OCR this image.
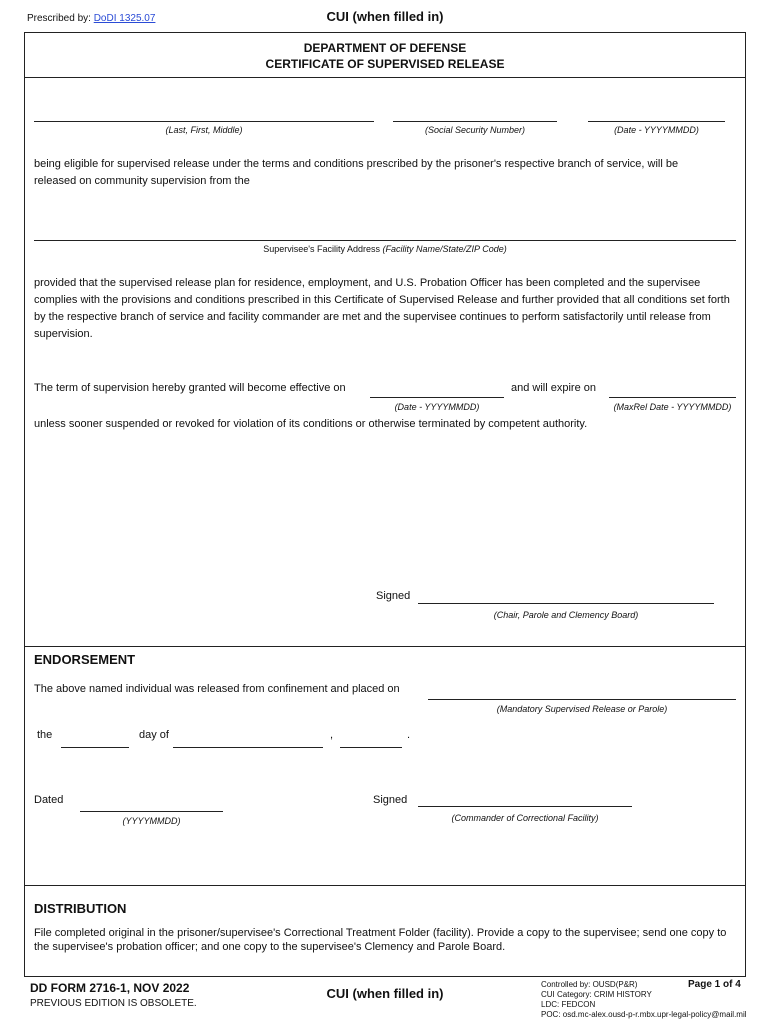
Prescribed by: DoDI 1325.07	CUI (when filled in)
DEPARTMENT OF DEFENSE
CERTIFICATE OF SUPERVISED RELEASE
(Last, First, Middle)	(Social Security Number)	(Date - YYYYMMDD)
being eligible for supervised release under the terms and conditions prescribed by the prisoner's respective branch of service, will be released on community supervision from the
Supervisee's Facility Address (Facility Name/State/ZIP Code)
provided that the supervised release plan for residence, employment, and U.S. Probation Officer has been completed and the supervisee complies with the provisions and conditions prescribed in this Certificate of Supervised Release and further provided that all conditions set forth by the respective branch of service and facility commander are met and the supervisee continues to perform satisfactorily until release from supervision.
The term of supervision hereby granted will become effective on	and will expire on
(Date - YYYYMMDD)	(MaxRel Date - YYYYMMDD)
unless sooner suspended or revoked for violation of its conditions or otherwise terminated by competent authority.
Signed
(Chair, Parole and Clemency Board)
ENDORSEMENT
The above named individual was released from confinement and placed on
(Mandatory Supervised Release or Parole)
the	day of	,	.
Dated
(YYYYMMDD)
Signed
(Commander of Correctional Facility)
DISTRIBUTION
File completed original in the prisoner/supervisee's Correctional Treatment Folder (facility). Provide a copy to the supervisee; send one copy to the supervisee's probation officer; and one copy to the supervisee's Clemency and Parole Board.
DD FORM 2716-1, NOV 2022
PREVIOUS EDITION IS OBSOLETE.
CUI (when filled in)
Controlled by: OUSD(P&R)
CUI Category: CRIM HISTORY
LDC: FEDCON
POC: osd.mc-alex.ousd-p-r.mbx.upr-legal-policy@mail.mil
Page 1 of 4
